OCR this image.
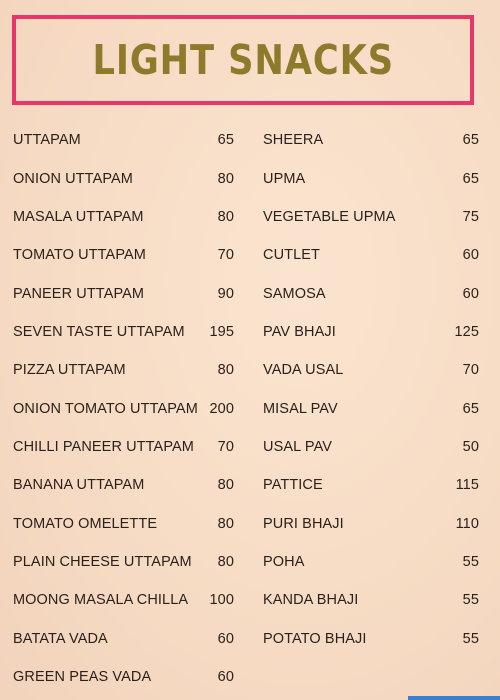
LIGHT SNACKS
UTTAPAM	65
ONION UTTAPAM	80
MASALA UTTAPAM	80
TOMATO UTTAPAM	70
PANEER UTTAPAM	90
SEVEN TASTE UTTAPAM 195
PIZZA UTTAPAM	80
ONION TOMATO UTTAPAM 200
CHILLI PANEER UTTAPAM 70
BANANA UTTAPAM	80
TOMATO OMELETTE	80
PLAIN CHEESE UTTAPAM 80
MOONG MASALA CHILLA 100
BATATA VADA	60
GREEN PEAS VADA	60
SHEERA	65
UPMA	65
VEGETABLE UPMA	75
CUTLET	60
SAMOSA	60
PAV BHAJI	125
VADA USAL	70
MISAL PAV	65
USAL PAV	50
PATTICE	115
PURI BHAJI	110
POHA	55
KANDA BHAJI	55
POTATO BHAJI	55
